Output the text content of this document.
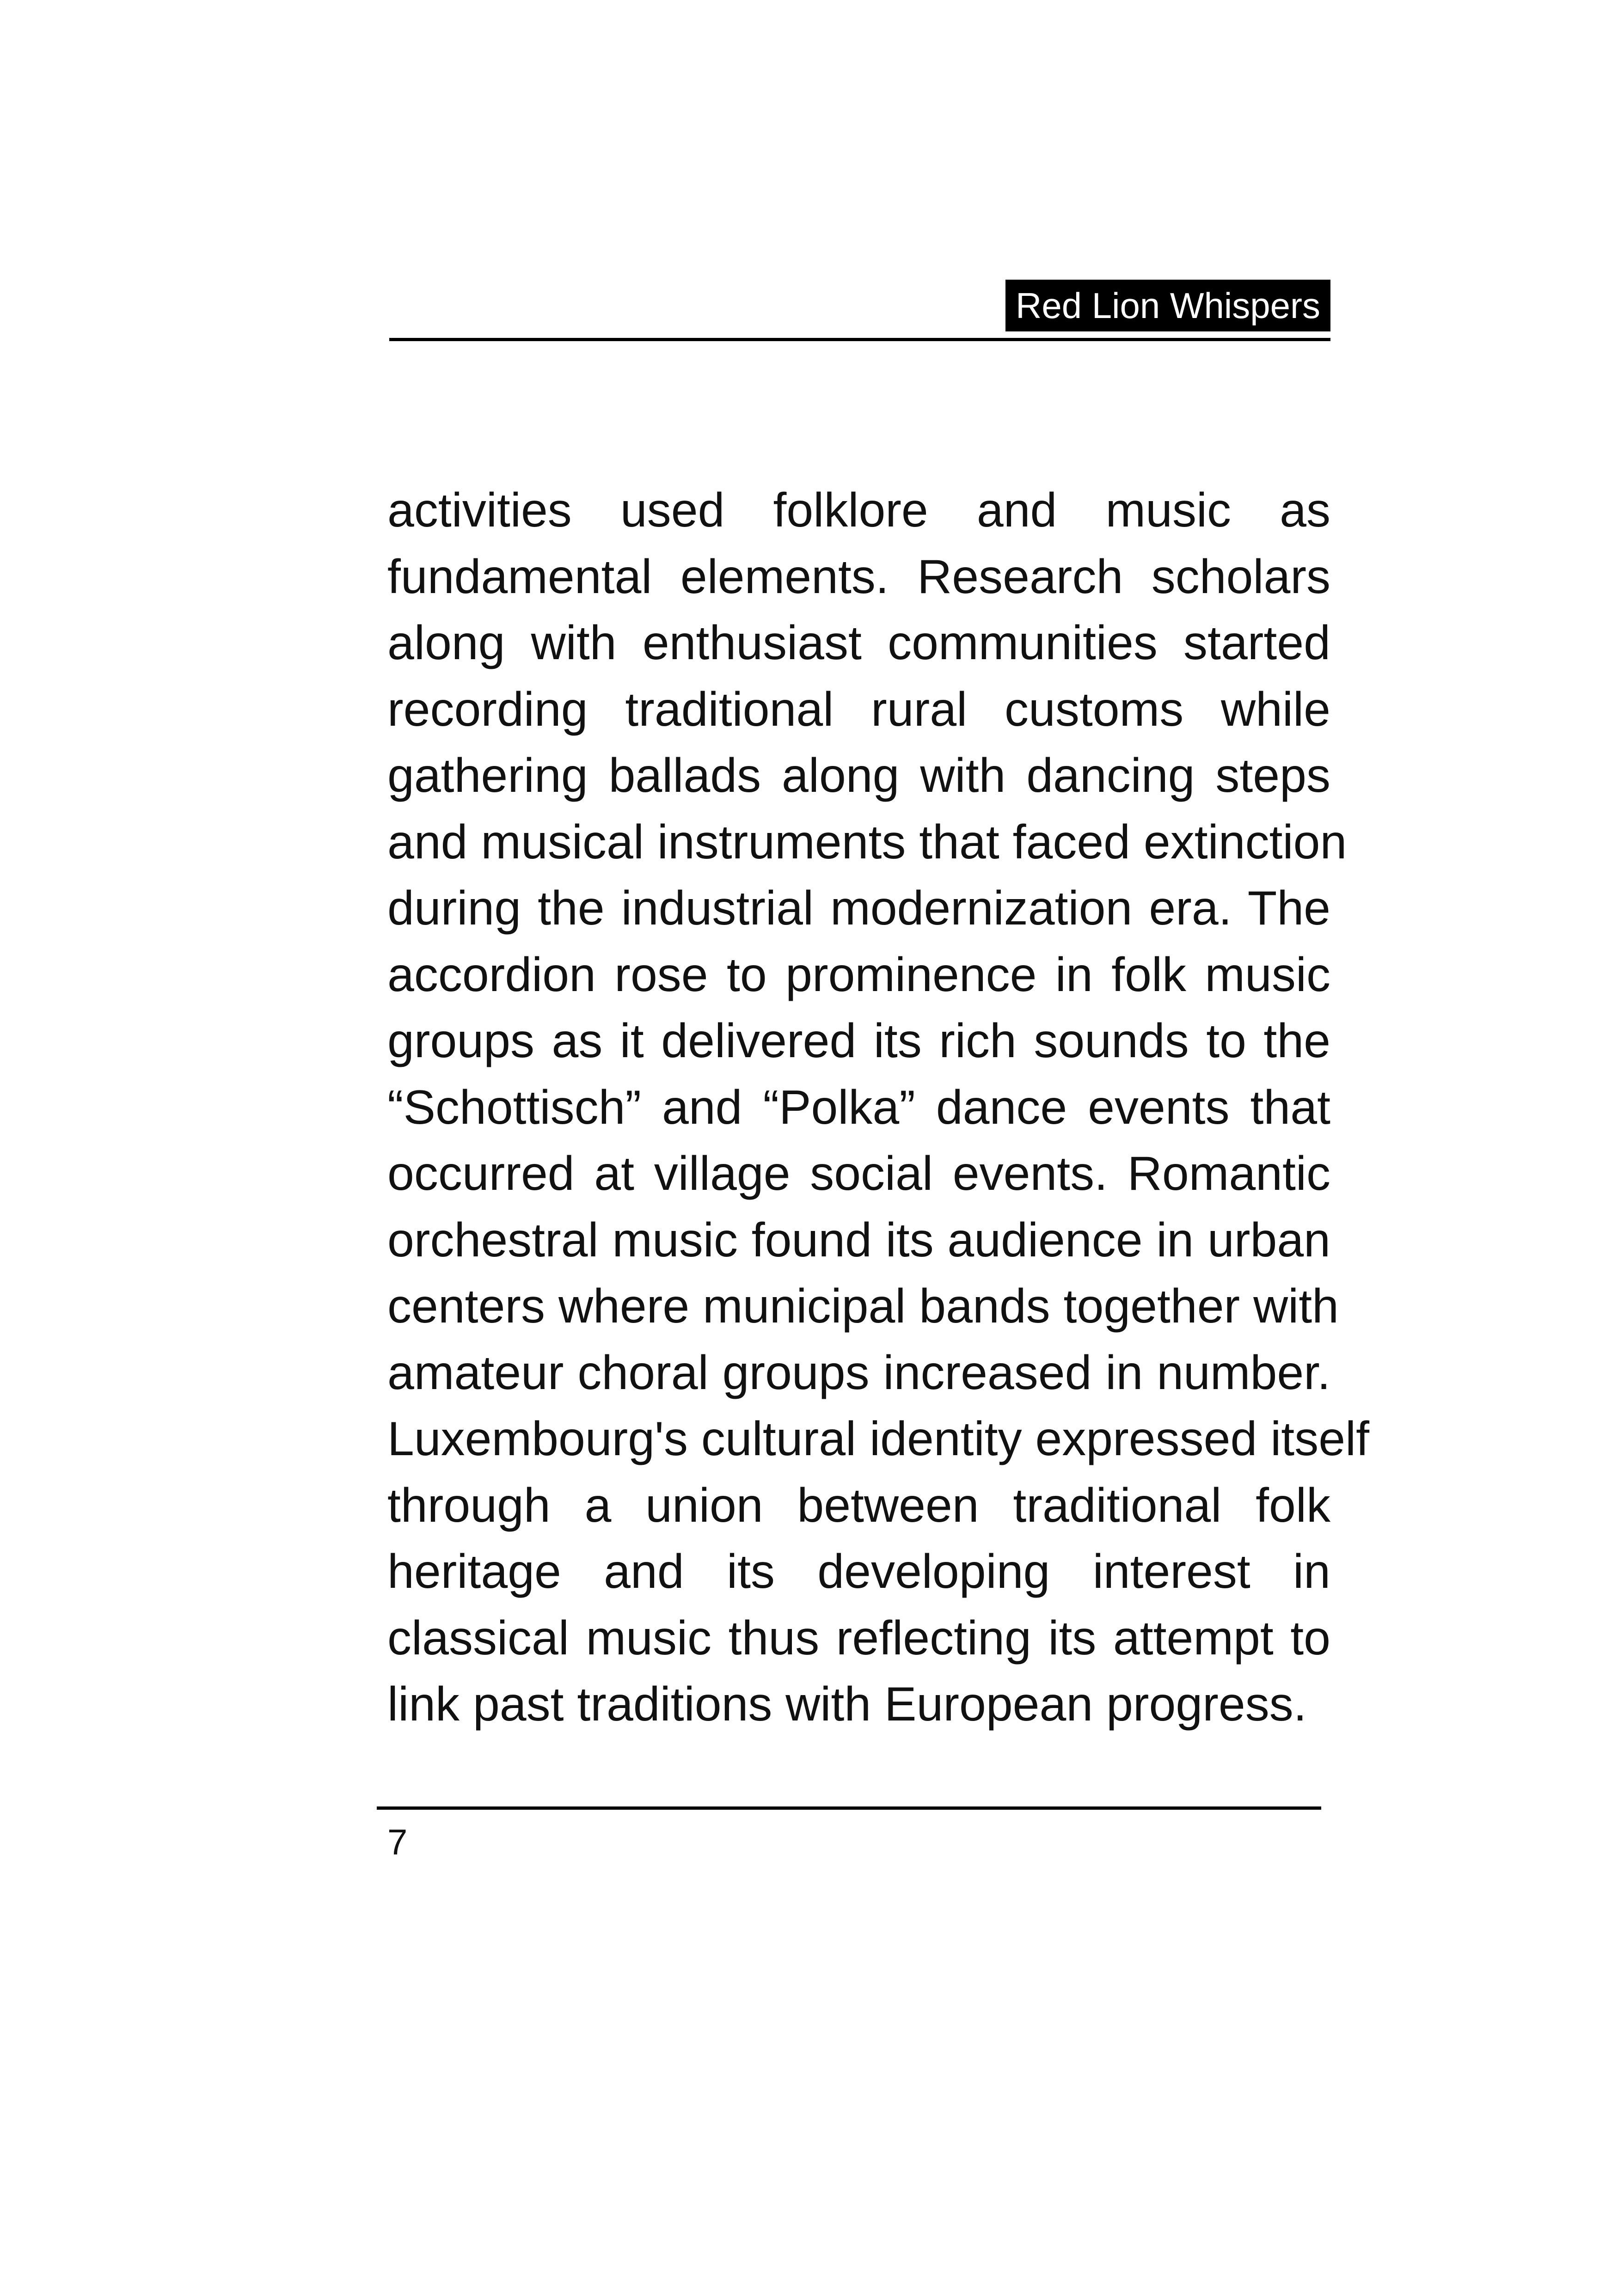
Red Lion Whispers
activities used folklore and music as
fundamental elements. Research scholars
along with enthusiast communities started
recording traditional rural customs while
gathering ballads along with dancing steps
and musical instruments that faced extinction
during the industrial modernization era. The
accordion rose to prominence in folk music
groups as it delivered its rich sounds to the
“Schottisch” and “Polka” dance events that
occurred at village social events. Romantic
orchestral music found its audience in urban
centers where municipal bands together with
amateur choral groups increased in number.
Luxembourg's cultural identity expressed itself
through a union between traditional folk
heritage and its developing interest in
classical music thus reflecting its attempt to
link past traditions with European progress.
7
